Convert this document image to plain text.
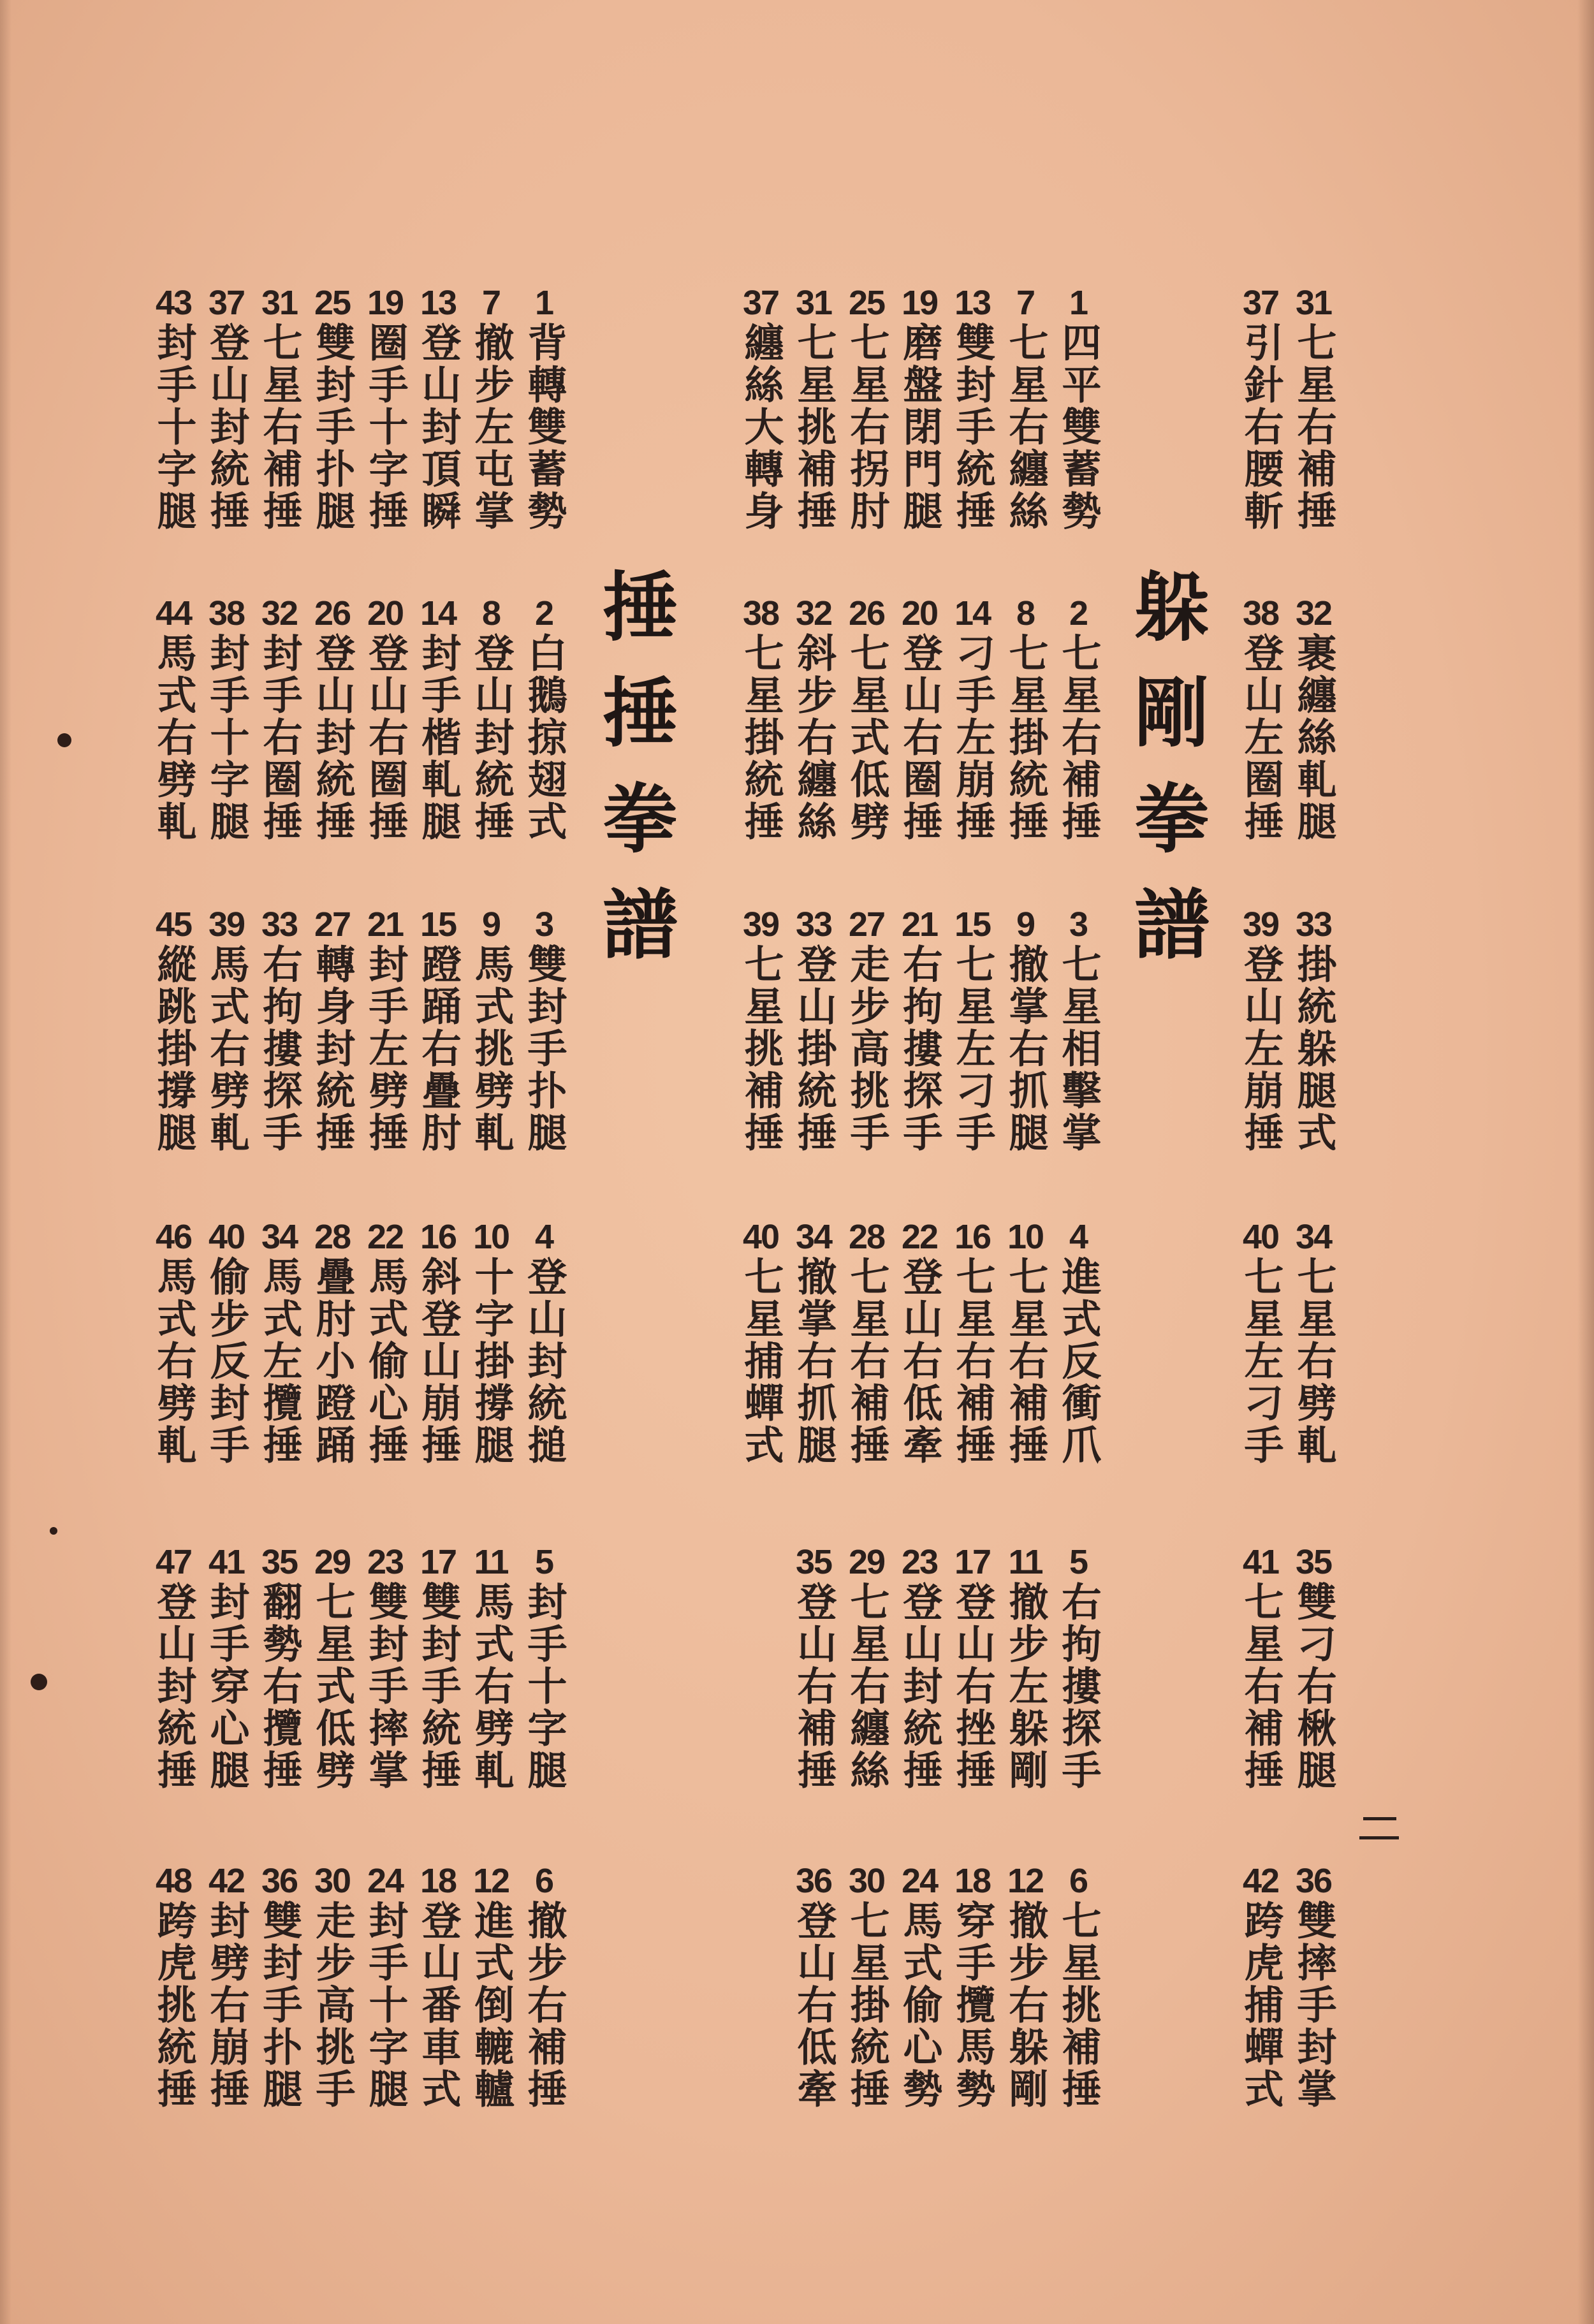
躲剛拳譜
捶捶拳譜
31
七星右補捶
37
引針右腰斬
32
裹纏絲軋腿
38
登山左圈捶
33
掛統躲腿式
39
登山左崩捶
34
七星右劈軋
40
七星左刁手
35
雙刁右楸腿
41
七星右補捶
36
雙摔手封掌
42
跨虎捕蟬式
1
四平雙蓄勢
7
七星右纏絲
13
雙封手統捶
19
磨盤閉門腿
25
七星右拐肘
31
七星挑補捶
37
纏絲大轉身
2
七星右補捶
8
七星掛統捶
14
刁手左崩捶
20
登山右圈捶
26
七星式低劈
32
斜步右纏絲
38
七星掛統捶
3
七星相擊掌
9
撤掌右抓腿
15
七星左刁手
21
右拘摟探手
27
走步高挑手
33
登山掛統捶
39
七星挑補捶
4
進式反衝爪
10
七星右補捶
16
七星右補捶
22
登山右低牽
28
七星右補捶
34
撤掌右抓腿
40
七星捕蟬式
5
右拘摟探手
11
撤步左躲剛
17
登山右挫捶
23
登山封統捶
29
七星右纏絲
35
登山右補捶
6
七星挑補捶
12
撤步右躲剛
18
穿手攬馬勢
24
馬式偷心勢
30
七星掛統捶
36
登山右低牽
1
背轉雙蓄勢
7
撤步左屯掌
13
登山封頂瞬
19
圈手十字捶
25
雙封手扑腿
31
七星右補捶
37
登山封統捶
43
封手十字腿
2
白鵝掠翅式
8
登山封統捶
14
封手楷軋腿
20
登山右圈捶
26
登山封統捶
32
封手右圈捶
38
封手十字腿
44
馬式右劈軋
3
雙封手扑腿
9
馬式挑劈軋
15
蹬踊右疊肘
21
封手左劈捶
27
轉身封統捶
33
右拘摟探手
39
馬式右劈軋
45
縱跳掛撐腿
4
登山封統搥
10
十字掛撐腿
16
斜登山崩捶
22
馬式偷心捶
28
疊肘小蹬踊
34
馬式左攬捶
40
偷步反封手
46
馬式右劈軋
5
封手十字腿
11
馬式右劈軋
17
雙封手統捶
23
雙封手摔掌
29
七星式低劈
35
翻勢右攬捶
41
封手穿心腿
47
登山封統捶
6
撤步右補捶
12
進式倒轆轤
18
登山番車式
24
封手十字腿
30
走步高挑手
36
雙封手扑腿
42
封劈右崩捶
48
跨虎挑統捶
